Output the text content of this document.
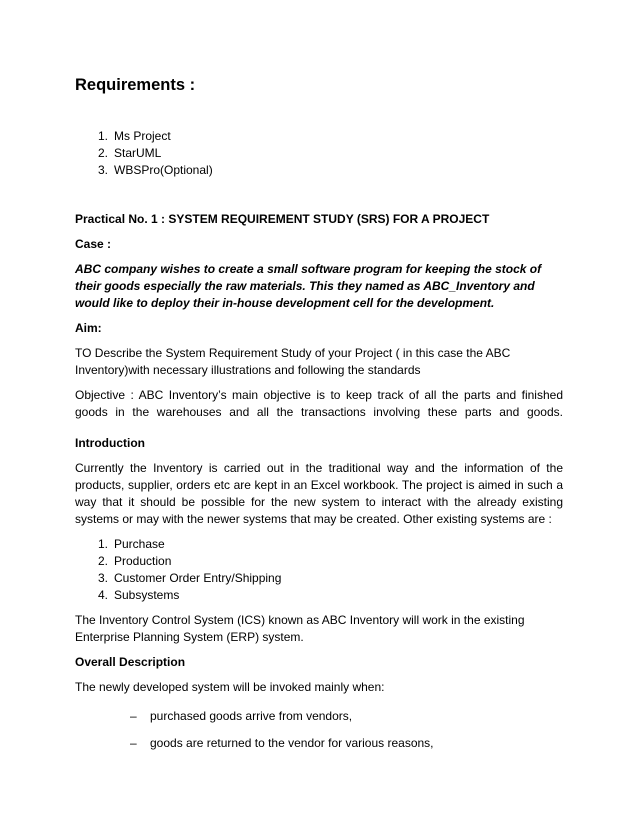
Requirements :
1. Ms Project
2. StarUML
3. WBSPro(Optional)

Practical No. 1 : SYSTEM REQUIREMENT STUDY (SRS) FOR A PROJECT

Case :

ABC company wishes to create a small software program for keeping the stock of their goods especially the raw materials. This they named as ABC_Inventory and would like to deploy their in-house development cell for the development.

Aim:

TO Describe the System Requirement Study of your Project ( in this case the ABC Inventory)with necessary illustrations and following the standards

Objective : ABC Inventory’s main objective is to keep track of all the parts and finished goods in the warehouses and all the transactions involving these parts and goods.

Introduction

Currently the Inventory is carried out in the traditional way and the information of the products, supplier, orders etc are kept in an Excel workbook. The project is aimed in such a way that it should be possible for the new system to interact with the already existing systems or may with the newer systems that may be created. Other existing systems are :

1. Purchase
2. Production
3. Customer Order Entry/Shipping
4. Subsystems

The Inventory Control System (ICS) known as ABC Inventory will work in the existing Enterprise Planning System (ERP) system.

Overall Description

The newly developed system will be invoked mainly when:

– purchased goods arrive from vendors,
– goods are returned to the vendor for various reasons,
